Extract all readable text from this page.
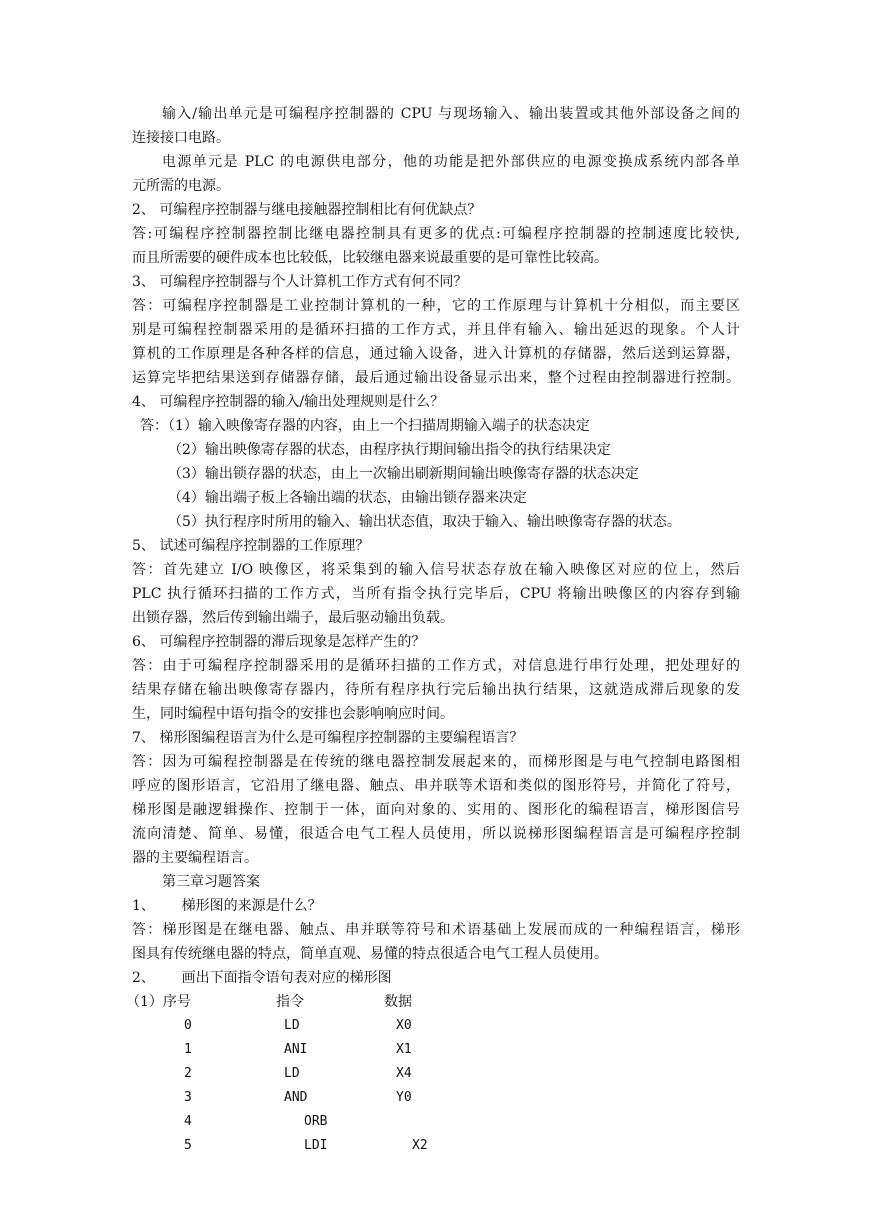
输入/输出单元是可编程序控制器的 CPU 与现场输入、输出装置或其他外部设备之间的
连接接口电路。
电源单元是 PLC 的电源供电部分，他的功能是把外部供应的电源变换成系统内部各单
元所需的电源。
2、 可编程序控制器与继电接触器控制相比有何优缺点？
答:可编程序控制器控制比继电器控制具有更多的优点:可编程序控制器的控制速度比较快,
而且所需要的硬件成本也比较低，比较继电器来说最重要的是可靠性比较高。
3、 可编程序控制器与个人计算机工作方式有何不同？
答：可编程序控制器是工业控制计算机的一种，它的工作原理与计算机十分相似，而主要区
别是可编程控制器采用的是循环扫描的工作方式，并且伴有输入、输出延迟的现象。个人计
算机的工作原理是各种各样的信息，通过输入设备，进入计算机的存储器，然后送到运算器，
运算完毕把结果送到存储器存储，最后通过输出设备显示出来，整个过程由控制器进行控制。
4、 可编程序控制器的输入/输出处理规则是什么？
答：（1）输入映像寄存器的内容，由上一个扫描周期输入端子的状态决定
（2）输出映像寄存器的状态，由程序执行期间输出指令的执行结果决定
（3）输出锁存器的状态，由上一次输出刷新期间输出映像寄存器的状态决定
（4）输出端子板上各输出端的状态，由输出锁存器来决定
（5）执行程序时所用的输入、输出状态值，取决于输入、输出映像寄存器的状态。
5、 试述可编程序控制器的工作原理？
答：首先建立 I/O 映像区，将采集到的输入信号状态存放在输入映像区对应的位上，然后
PLC 执行循环扫描的工作方式，当所有指令执行完毕后，CPU 将输出映像区的内容存到输
出锁存器，然后传到输出端子，最后驱动输出负载。
6、 可编程序控制器的滞后现象是怎样产生的？
答：由于可编程序控制器采用的是循环扫描的工作方式，对信息进行串行处理，把处理好的
结果存储在输出映像寄存器内，待所有程序执行完后输出执行结果，这就造成滞后现象的发
生，同时编程中语句指令的安排也会影响响应时间。
7、 梯形图编程语言为什么是可编程序控制器的主要编程语言？
答：因为可编程控制器是在传统的继电器控制发展起来的，而梯形图是与电气控制电路图相
呼应的图形语言，它沿用了继电器、触点、串并联等术语和类似的图形符号，并简化了符号，
梯形图是融逻辑操作、控制于一体，面向对象的、实用的、图形化的编程语言，梯形图信号
流向清楚、简单、易懂，很适合电气工程人员使用，所以说梯形图编程语言是可编程序控制
器的主要编程语言。
第三章习题答案
1、      梯形图的来源是什么？
答：梯形图是在继电器、触点、串并联等符号和术语基础上发展而成的一种编程语言，梯形
图具有传统继电器的特点，简单直观、易懂的特点很适合电气工程人员使用。
2、      画出下面指令语句表对应的梯形图
（1）序号	指令	数据
0	LD	X0
1	ANI	X1
2	LD	X4
3	AND	Y0
4	ORB
5	LDI	X2
